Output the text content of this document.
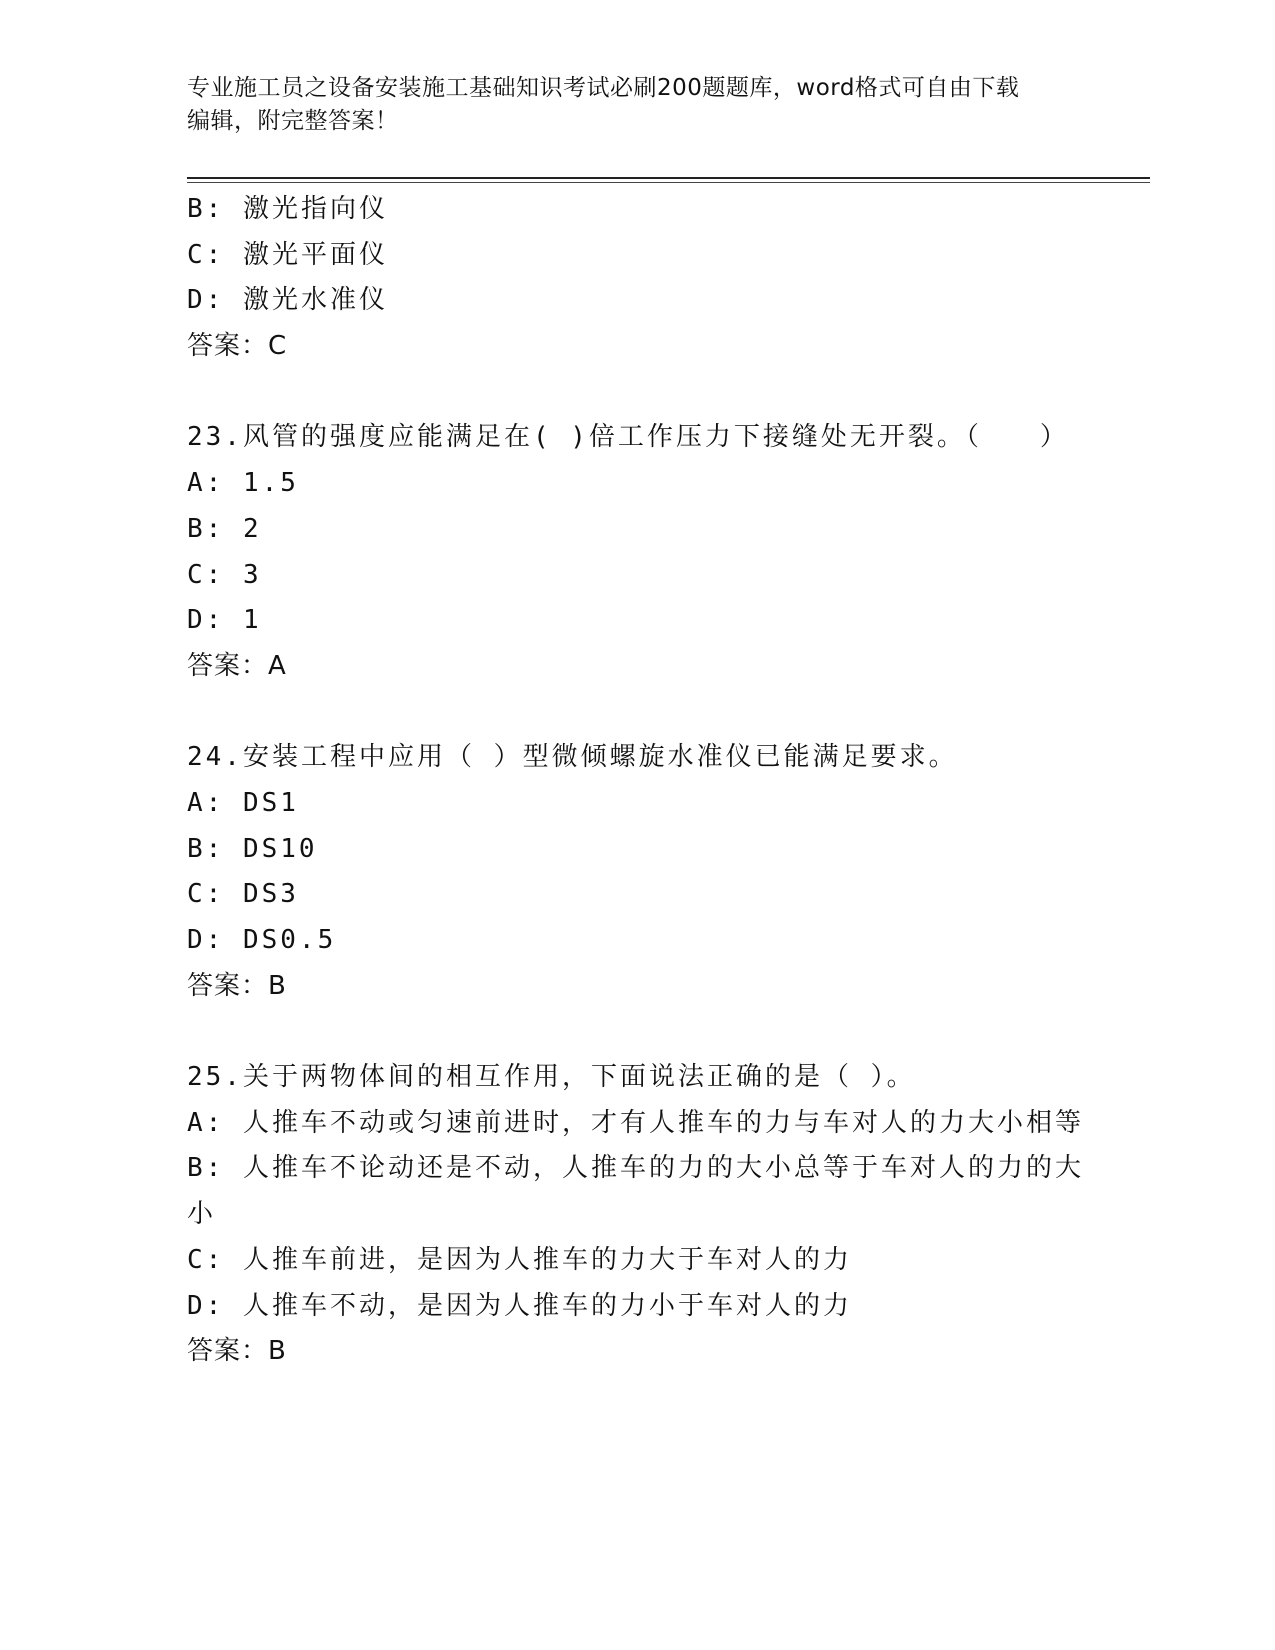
专业施工员之设备安装施工基础知识考试必刷200题题库，word格式可自由下载
编辑，附完整答案！
B: 激光指向仪
C: 激光平面仪
D: 激光水准仪
答案：C
23.风管的强度应能满足在( )倍工作压力下接缝处无开裂。（　　）
A: 1.5
B: 2
C: 3
D: 1
答案：A
24.安装工程中应用（ ）型微倾螺旋水准仪已能满足要求。
A: DS1
B: DS10
C: DS3
D: DS0.5
答案：B
25.关于两物体间的相互作用，下面说法正确的是（ ）。
A: 人推车不动或匀速前进时，才有人推车的力与车对人的力大小相等
B: 人推车不论动还是不动，人推车的力的大小总等于车对人的力的大
小
C: 人推车前进，是因为人推车的力大于车对人的力
D: 人推车不动，是因为人推车的力小于车对人的力
答案：B
